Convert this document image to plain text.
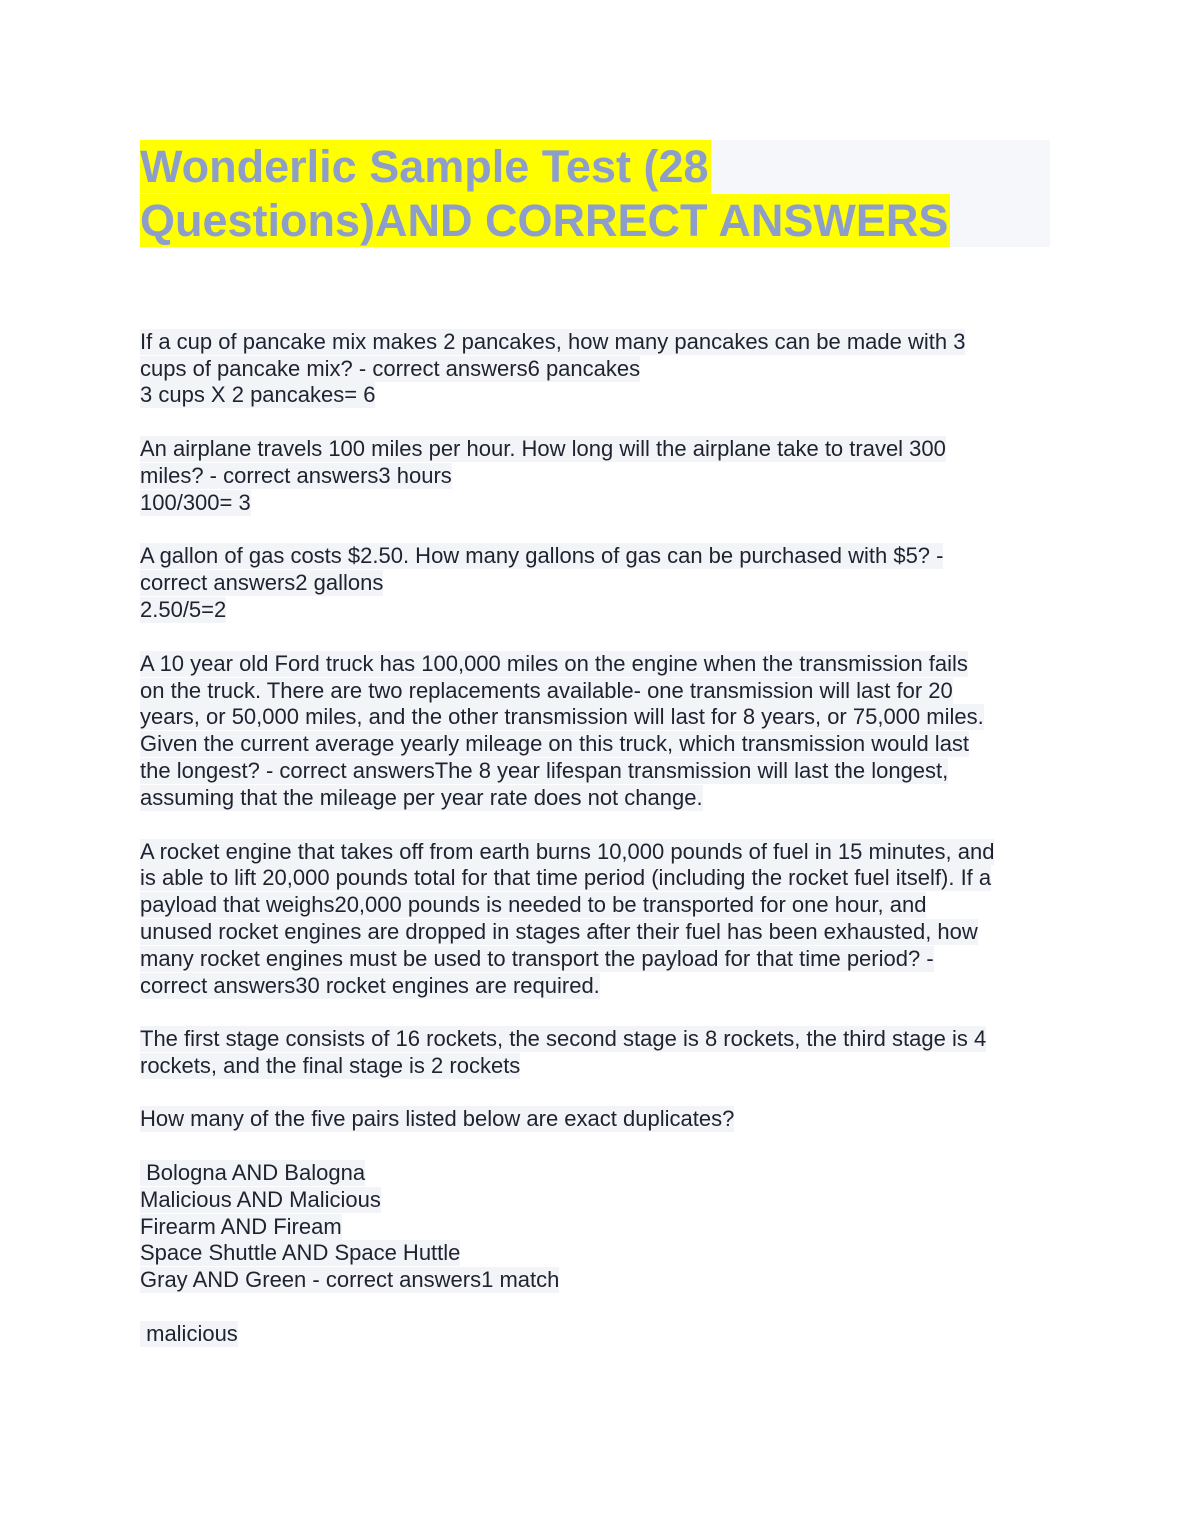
Wonderlic Sample Test (28
Questions)AND CORRECT ANSWERS
If a cup of pancake mix makes 2 pancakes, how many pancakes can be made with 3
cups of pancake mix? - correct answers6 pancakes
3 cups X 2 pancakes= 6
An airplane travels 100 miles per hour. How long will the airplane take to travel 300
miles? - correct answers3 hours
100/300= 3
A gallon of gas costs $2.50. How many gallons of gas can be purchased with $5? -
correct answers2 gallons
2.50/5=2
A 10 year old Ford truck has 100,000 miles on the engine when the transmission fails
on the truck. There are two replacements available- one transmission will last for 20
years, or 50,000 miles, and the other transmission will last for 8 years, or 75,000 miles.
Given the current average yearly mileage on this truck, which transmission would last
the longest? - correct answersThe 8 year lifespan transmission will last the longest,
assuming that the mileage per year rate does not change.
A rocket engine that takes off from earth burns 10,000 pounds of fuel in 15 minutes, and
is able to lift 20,000 pounds total for that time period (including the rocket fuel itself). If a
payload that weighs20,000 pounds is needed to be transported for one hour, and
unused rocket engines are dropped in stages after their fuel has been exhausted, how
many rocket engines must be used to transport the payload for that time period? -
correct answers30 rocket engines are required.
The first stage consists of 16 rockets, the second stage is 8 rockets, the third stage is 4
rockets, and the final stage is 2 rockets
How many of the five pairs listed below are exact duplicates?
Bologna AND Balogna
Malicious AND Malicious
Firearm AND Fiream
Space Shuttle AND Space Huttle
Gray AND Green - correct answers1 match
malicious
